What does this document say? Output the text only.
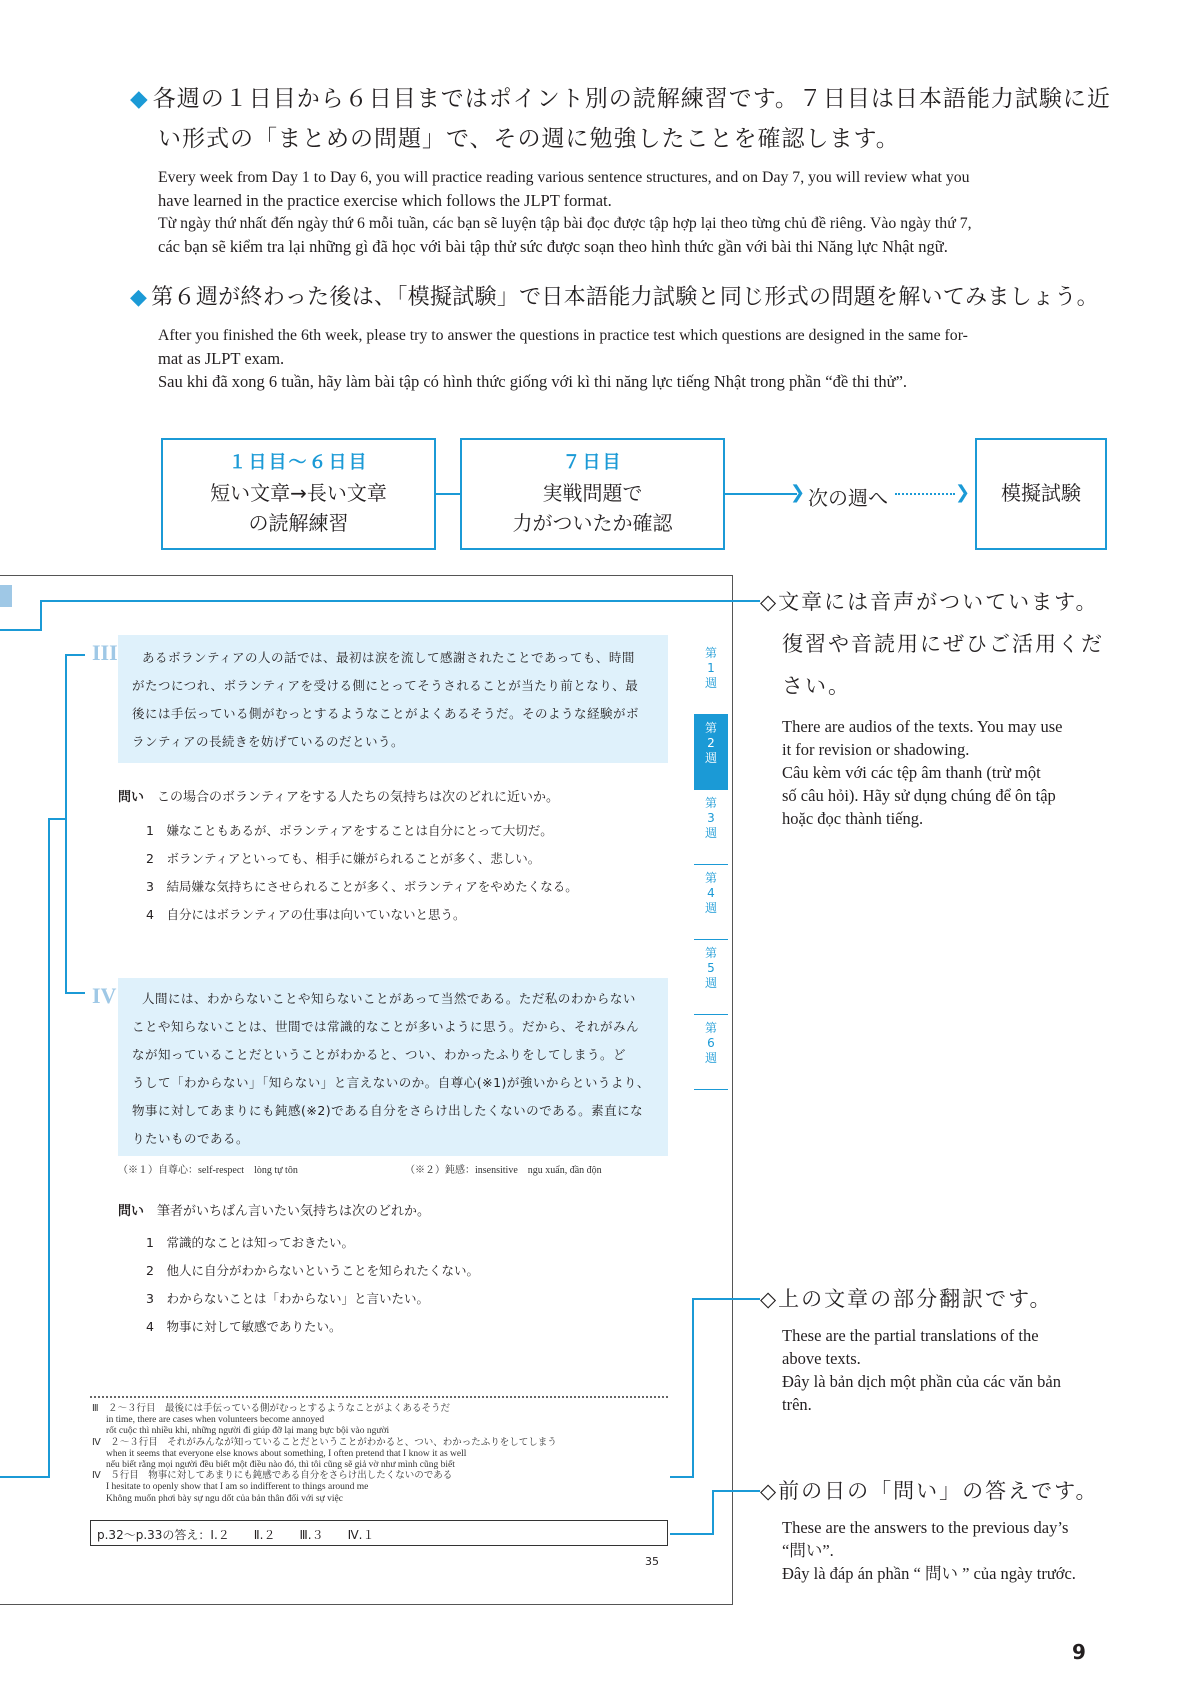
◆ 各週の１日目から６日目まではポイント別の読解練習です。７日目は日本語能力試験に近
い形式の「まとめの問題」で、その週に勉強したことを確認します。
Every week from Day 1 to Day 6, you will practice reading various sentence structures, and on Day 7, you will review what you
have learned in the practice exercise which follows the JLPT format.
Từ ngày thứ nhất đến ngày thứ 6 mỗi tuần, các bạn sẽ luyện tập bài đọc được tập hợp lại theo từng chủ đề riêng. Vào ngày thứ 7,
các bạn sẽ kiểm tra lại những gì đã học với bài tập thử sức được soạn theo hình thức gần với bài thi Năng lực Nhật ngữ.
◆ 第６週が終わった後は、「模擬試験」で日本語能力試験と同じ形式の問題を解いてみましょう。
After you finished the 6th week, please try to answer the questions in practice test which questions are designed in the same for-
mat as JLPT exam.
Sau khi đã xong 6 tuần, hãy làm bài tập có hình thức giống với kì thi năng lực tiếng Nhật trong phần “đề thi thử”.
１日目～６日目
短い文章→長い文章
の読解練習
７日目
実戦問題で
力がついたか確認
❯ 次の週へ	❯	模擬試験
第
1
週
第
2
週
第
3
週
第
4
週
第
5
週
第
6
週
III	あるボランティアの人の話では、最初は涙を流して感謝されたことであっても、時間
がたつにつれ、ボランティアを受ける側にとってそうされることが当たり前となり、最
後には手伝っている側がむっとするようなことがよくあるそうだ。そのような経験がボ
ランティアの長続きを妨げているのだという。
問い　 この場合のボランティアをする人たちの気持ちは次のどれに近いか。
1　 嫌なこともあるが、ボランティアをすることは自分にとって大切だ。
2　 ボランティアといっても、相手に嫌がられることが多く、悲しい。
3　 結局嫌な気持ちにさせられることが多く、ボランティアをやめたくなる。
4　 自分にはボランティアの仕事は向いていないと思う。
IV	人間には、わからないことや知らないことがあって当然である。ただ私のわからない
ことや知らないことは、世間では常識的なことが多いように思う。だから、それがみん
なが知っていることだということがわかると、つい、わかったふりをしてしまう。ど
うして「わからない」「知らない」と言えないのか。自尊心(※1)が強いからというより、
物事に対してあまりにも鈍感(※2)である自分をさらけ出したくないのである。素直にな
りたいものである。
（※１）自尊心：self-respect　lòng tự tôn	（※２）鈍感：insensitive　ngu xuẩn, đần độn
問い　 筆者がいちばん言いたい気持ちは次のどれか。
1　 常識的なことは知っておきたい。
2　 他人に自分がわからないということを知られたくない。
3　 わからないことは「わからない」と言いたい。
4　 物事に対して敏感でありたい。
Ⅲ　２～３行目　最後には手伝っている側がむっとするようなことがよくあるそうだ
in time, there are cases when volunteers become annoyed
rốt cuộc thì nhiều khi, những người đi giúp đỡ lại mang bực bội vào người
Ⅳ　２～３行目　それがみんなが知っていることだということがわかると、つい、わかったふりをしてしまう
when it seems that everyone else knows about something, I often pretend that I know it as well
nếu biết rằng mọi người đều biết một điều nào đó, thì tôi cũng sẽ giả vờ như mình cũng biết
Ⅳ　５行目　物事に対してあまりにも鈍感である自分をさらけ出したくないのである
I hesitate to openly show that I am so indifferent to things around me
Không muốn phơi bày sự ngu dốt của bản thân đối với sự việc
p.32～p.33の答え：Ⅰ.２　　Ⅱ.２　　Ⅲ.３　　Ⅳ.１
35
◇文章には音声がついています。
復習や音読用にぜひご活用くだ
さい。
There are audios of the texts. You may use
it for revision or shadowing.
Câu kèm với các tệp âm thanh (trừ một
số câu hỏi). Hãy sử dụng chúng để ôn tập
hoặc đọc thành tiếng.
◇上の文章の部分翻訳です。
These are the partial translations of the
above texts.
Đây là bản dịch một phần của các văn bản
trên.
◇前の日の「問い」の答えです。
These are the answers to the previous day’s
“問い”.
Đây là đáp án phần “ 問い ” của ngày trước.
9
